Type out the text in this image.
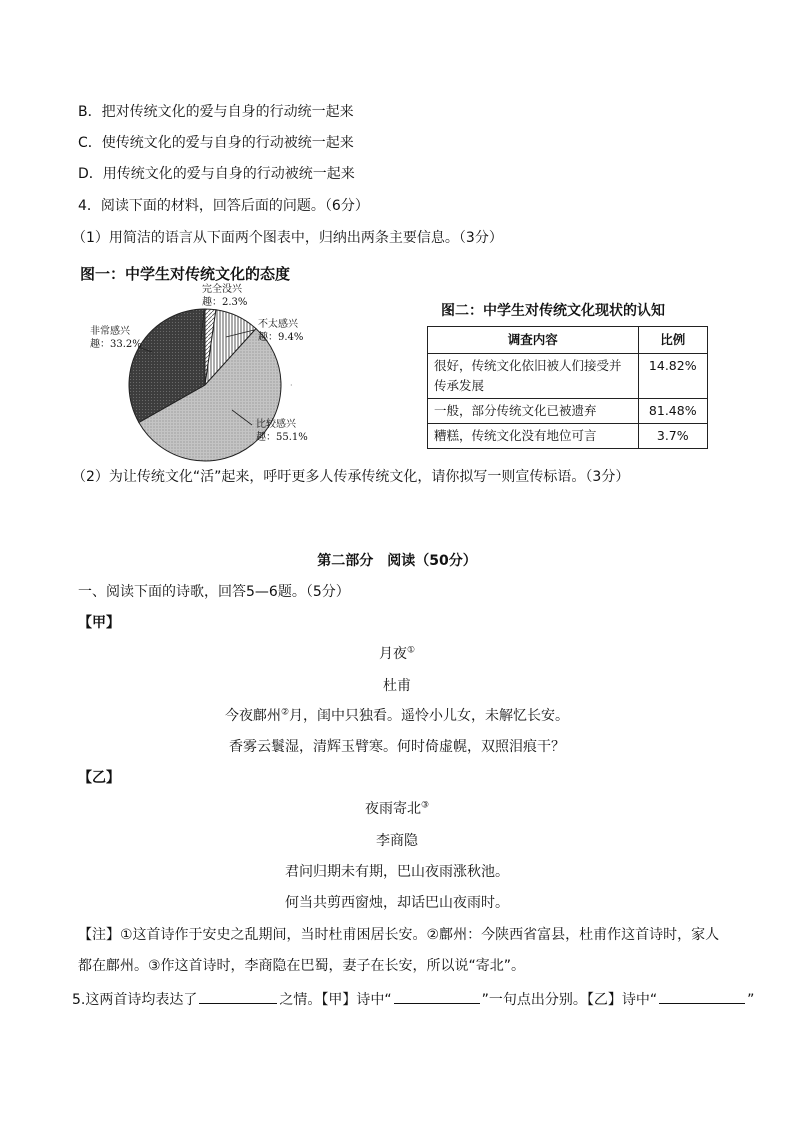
B．把对传统文化的爱与自身的行动统一起来
C．使传统文化的爱与自身的行动被统一起来
D．用传统文化的爱与自身的行动被统一起来
4．阅读下面的材料，回答后面的问题。（6分）
（1）用简洁的语言从下面两个图表中，归纳出两条主要信息。（3分）
图一：中学生对传统文化的态度
·
完全没兴
趣：2.3%
不太感兴
趣：9.4%
非常感兴
趣：33.2%
比较感兴
趣：55.1%
图二：中学生对传统文化现状的认知
调查内容	比例
很好，传统文化依旧被人们接受并传承发展	14.82%
一般，部分传统文化已被遗弃	81.48%
糟糕，传统文化没有地位可言	3.7%
（2）为让传统文化“活”起来，呼吁更多人传承传统文化，请你拟写一则宣传标语。（3分）
第二部分　阅读（50分）
一、阅读下面的诗歌，回答5—6题。（5分）
【甲】
月夜①
杜甫
今夜鄜州②月，闺中只独看。遥怜小儿女，未解忆长安。
香雾云鬟湿，清辉玉臂寒。何时倚虚幌，双照泪痕干？
【乙】
夜雨寄北③
李商隐
君问归期未有期，巴山夜雨涨秋池。
何当共剪西窗烛，却话巴山夜雨时。
【注】①这首诗作于安史之乱期间，当时杜甫困居长安。②鄜州：今陕西省富县，杜甫作这首诗时，家人
都在鄜州。③作这首诗时，李商隐在巴蜀，妻子在长安，所以说“寄北”。
5.这两首诗均表达了	之情。【甲】诗中“	”一句点出分别。【乙】诗中“	”
